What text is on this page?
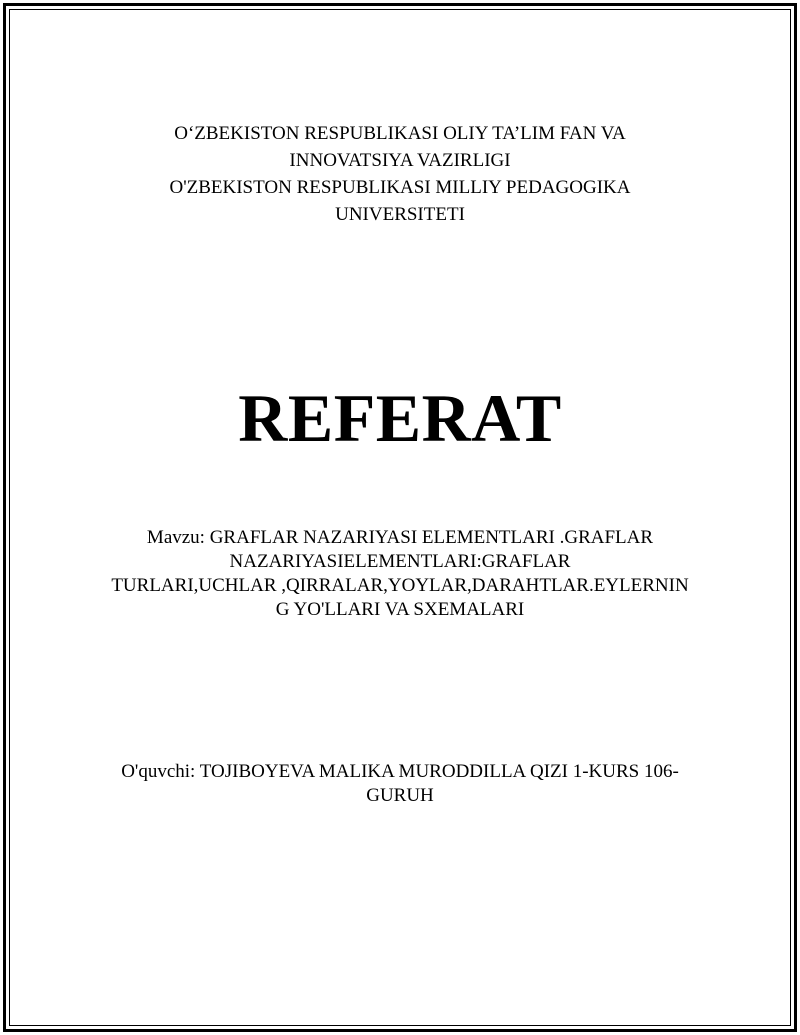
O‘ZBEKISTON RESPUBLIKASI OLIY TA’LIM FAN VA
INNOVATSIYA VAZIRLIGI
O'ZBEKISTON RESPUBLIKASI MILLIY PEDAGOGIKA
UNIVERSITETI
REFERAT
Mavzu: GRAFLAR NAZARIYASI ELEMENTLARI .GRAFLAR
NAZARIYASIELEMENTLARI:GRAFLAR
TURLARI,UCHLAR ,QIRRALAR,YOYLAR,DARAHTLAR.EYLERNIN
G YO'LLARI VA SXEMALARI
O'quvchi: TOJIBOYEVA MALIKA MURODDILLA QIZI 1-KURS 106-
GURUH
